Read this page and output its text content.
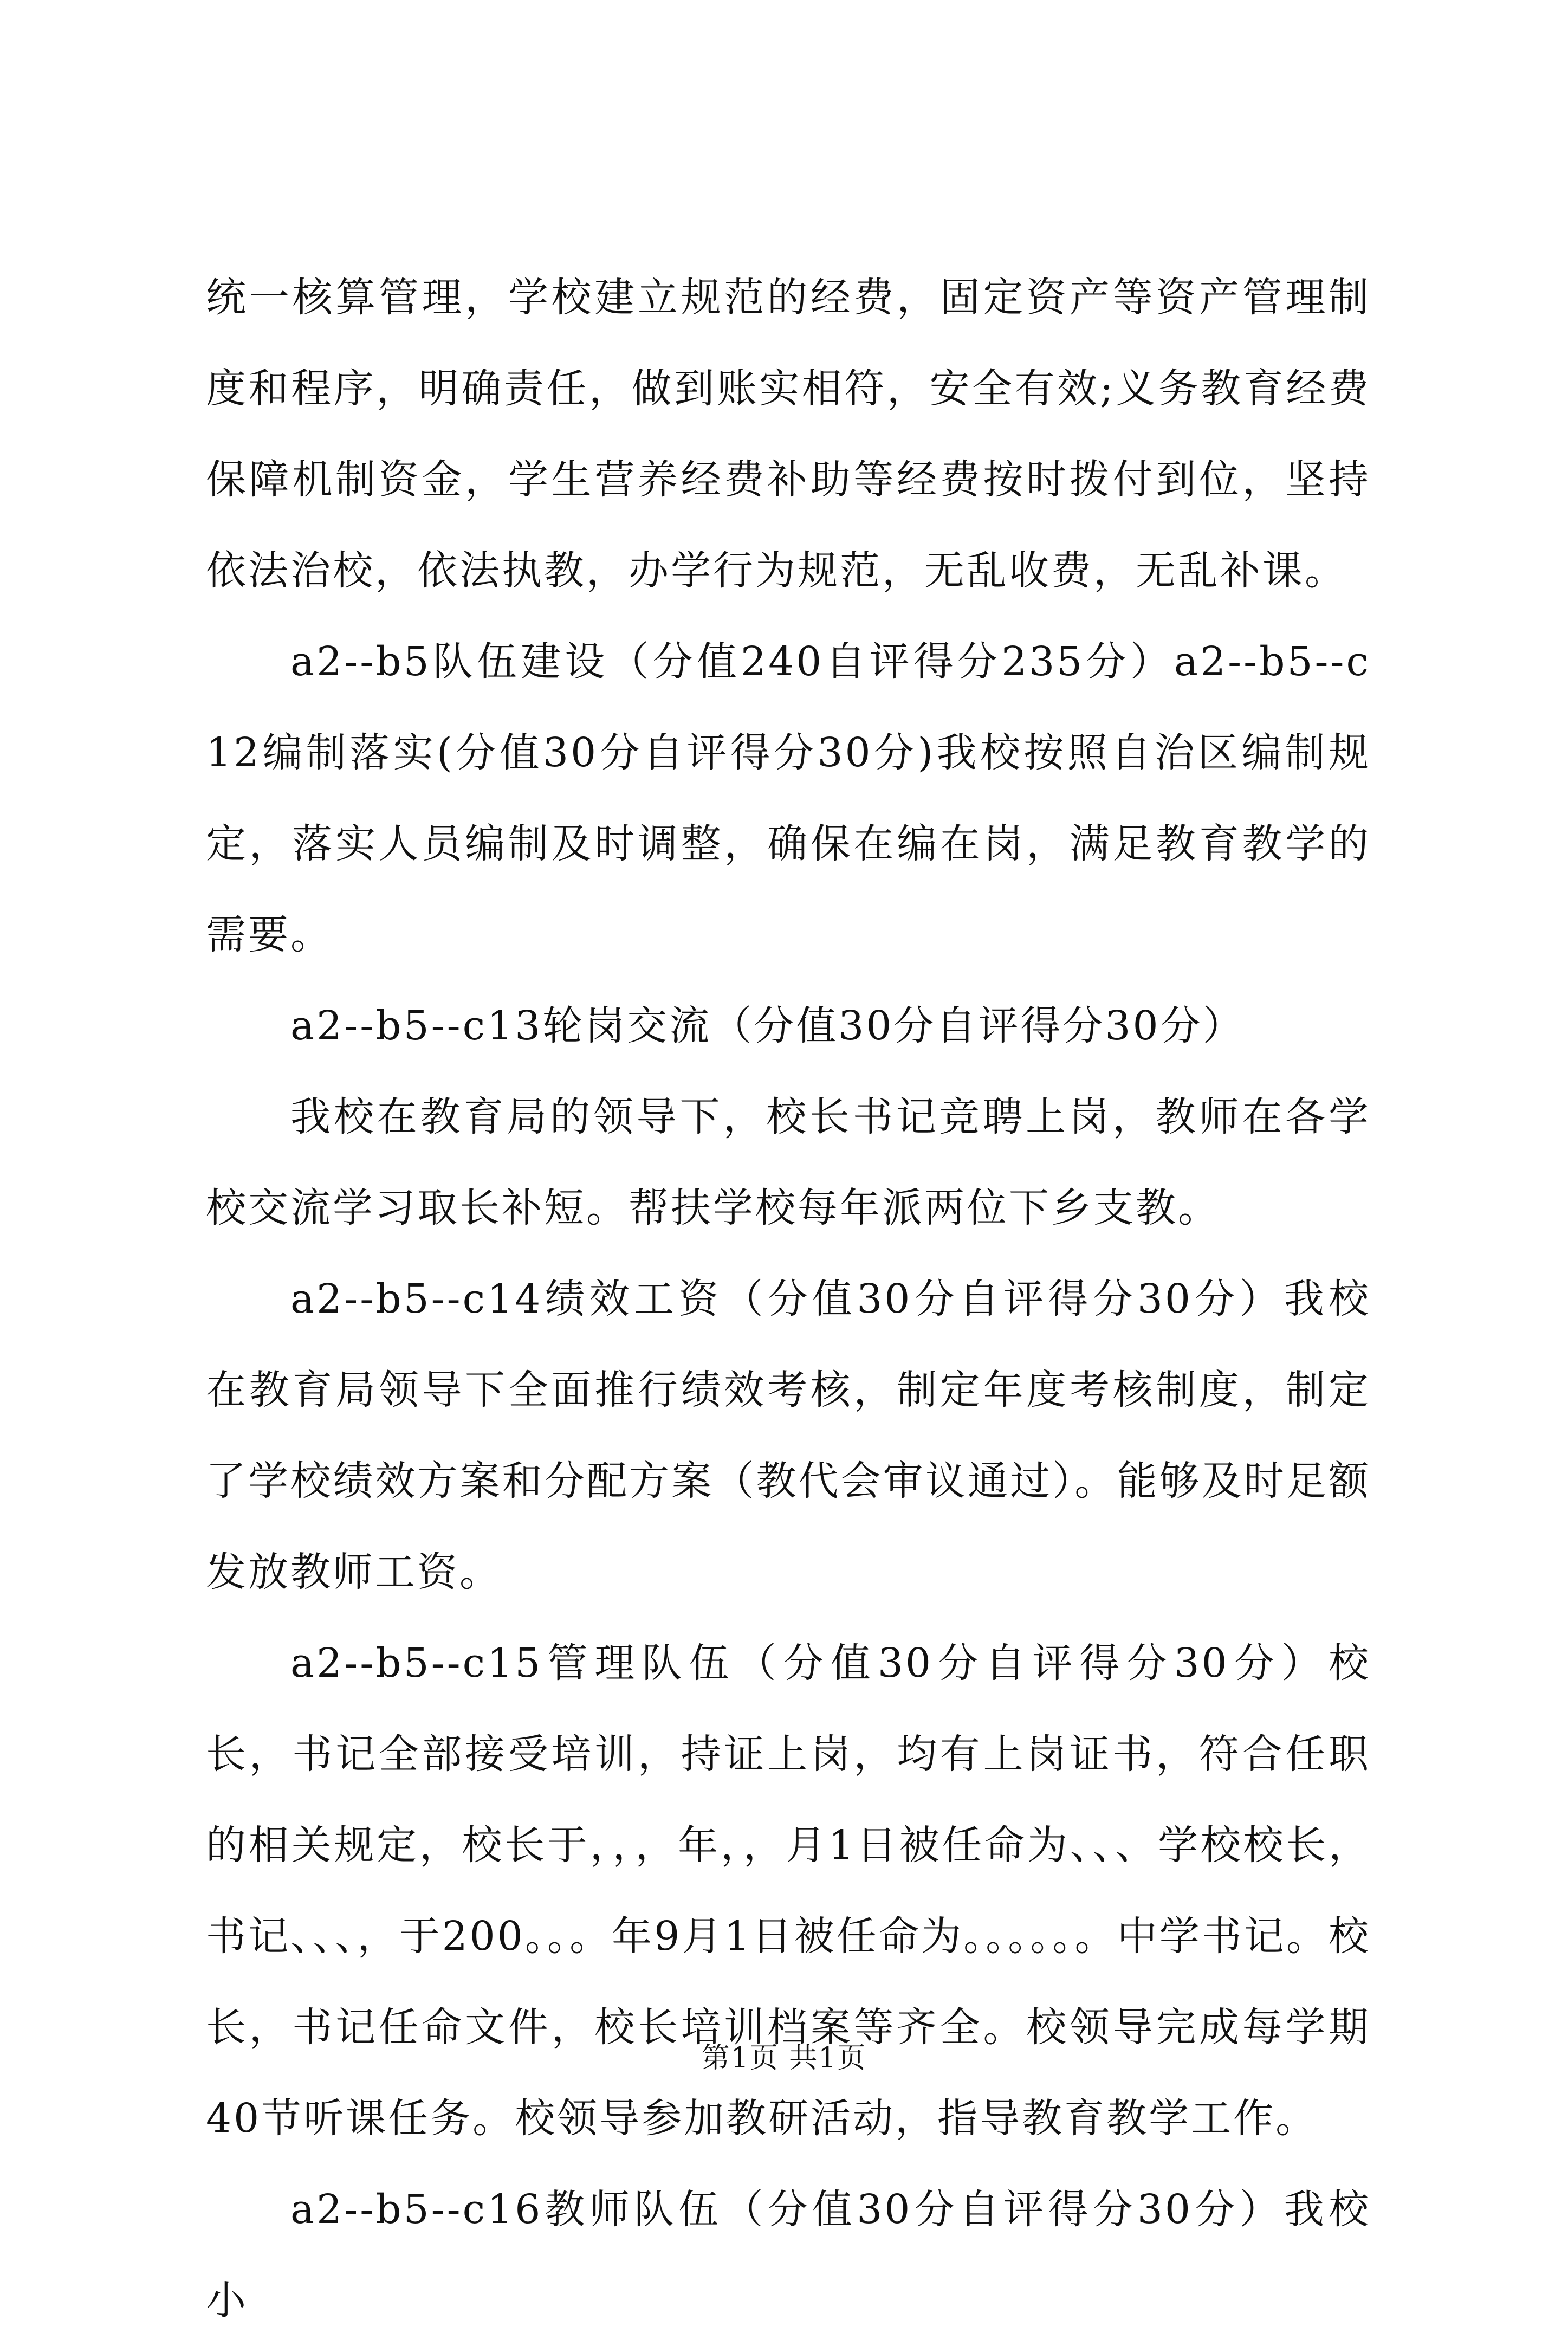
统一核算管理，学校建立规范的经费，固定资产等资产管理制度和程序，明确责任，做到账实相符，安全有效;义务教育经费保障机制资金，学生营养经费补助等经费按时拨付到位，坚持依法治校，依法执教，办学行为规范，无乱收费，无乱补课。

a2--b5队伍建设（分值240自评得分235分）a2--b5--c12编制落实(分值30分自评得分30分)我校按照自治区编制规定，落实人员编制及时调整，确保在编在岗，满足教育教学的需要。

a2--b5--c13轮岗交流（分值30分自评得分30分）

我校在教育局的领导下，校长书记竞聘上岗，教师在各学校交流学习取长补短。帮扶学校每年派两位下乡支教。

a2--b5--c14绩效工资（分值30分自评得分30分）我校在教育局领导下全面推行绩效考核，制定年度考核制度，制定了学校绩效方案和分配方案（教代会审议通过）。能够及时足额发放教师工资。

a2--b5--c15管理队伍（分值30分自评得分30分）校长，书记全部接受培训，持证上岗，均有上岗证书，符合任职的相关规定，校长于，，，年，，月1日被任命为、、、学校校长，书记、、、，于200。。。年9月1日被任命为。。。。。。中学书记。校长，书记任命文件，校长培训档案等齐全。校领导完成每学期40节听课任务。校领导参加教研活动，指导教育教学工作。

a2--b5--c16教师队伍（分值30分自评得分30分）我校小

第1页 共1页
